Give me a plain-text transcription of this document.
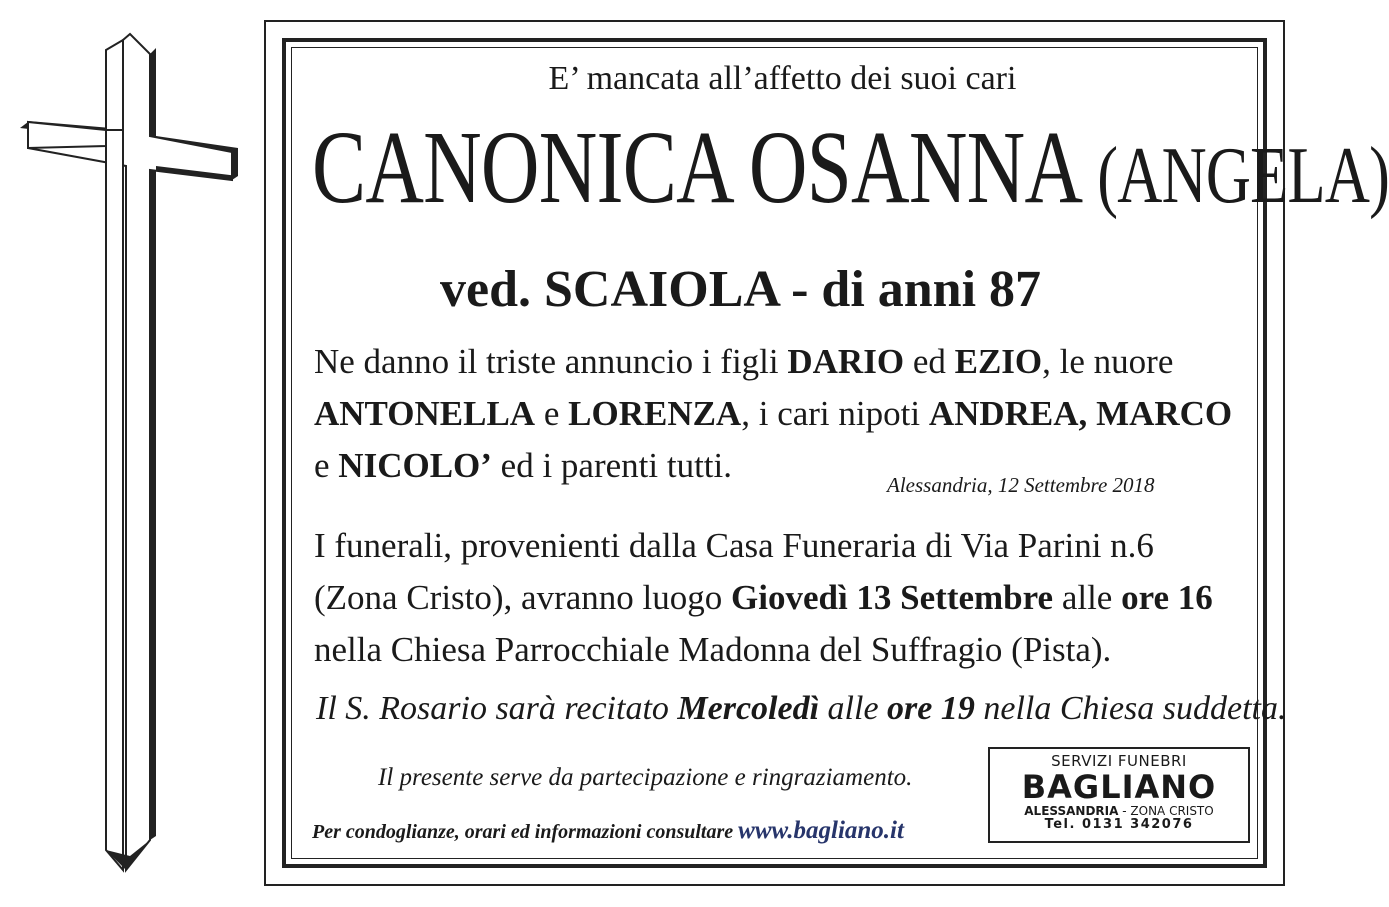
E’ mancata all’affetto dei suoi cari
CANONICA OSANNA (ANGELA)
ved. SCAIOLA - di anni 87
Ne danno il triste annuncio i figli DARIO ed EZIO, le nuore
ANTONELLA e LORENZA, i cari nipoti ANDREA, MARCO
e NICOLO’ ed i parenti tutti.	Alessandria, 12 Settembre 2018
I funerali, provenienti dalla Casa Funeraria di Via Parini n.6
(Zona Cristo), avranno luogo Giovedì 13 Settembre alle ore 16
nella Chiesa Parrocchiale Madonna del Suffragio (Pista).
Il S. Rosario sarà recitato Mercoledì alle ore 19 nella Chiesa suddetta.
Il presente serve da partecipazione e ringraziamento.
Per condoglianze, orari ed informazioni consultare www.bagliano.it
SERVIZI FUNEBRI
BAGLIANO
ALESSANDRIA - ZONA CRISTO
Tel. 0131 342076
